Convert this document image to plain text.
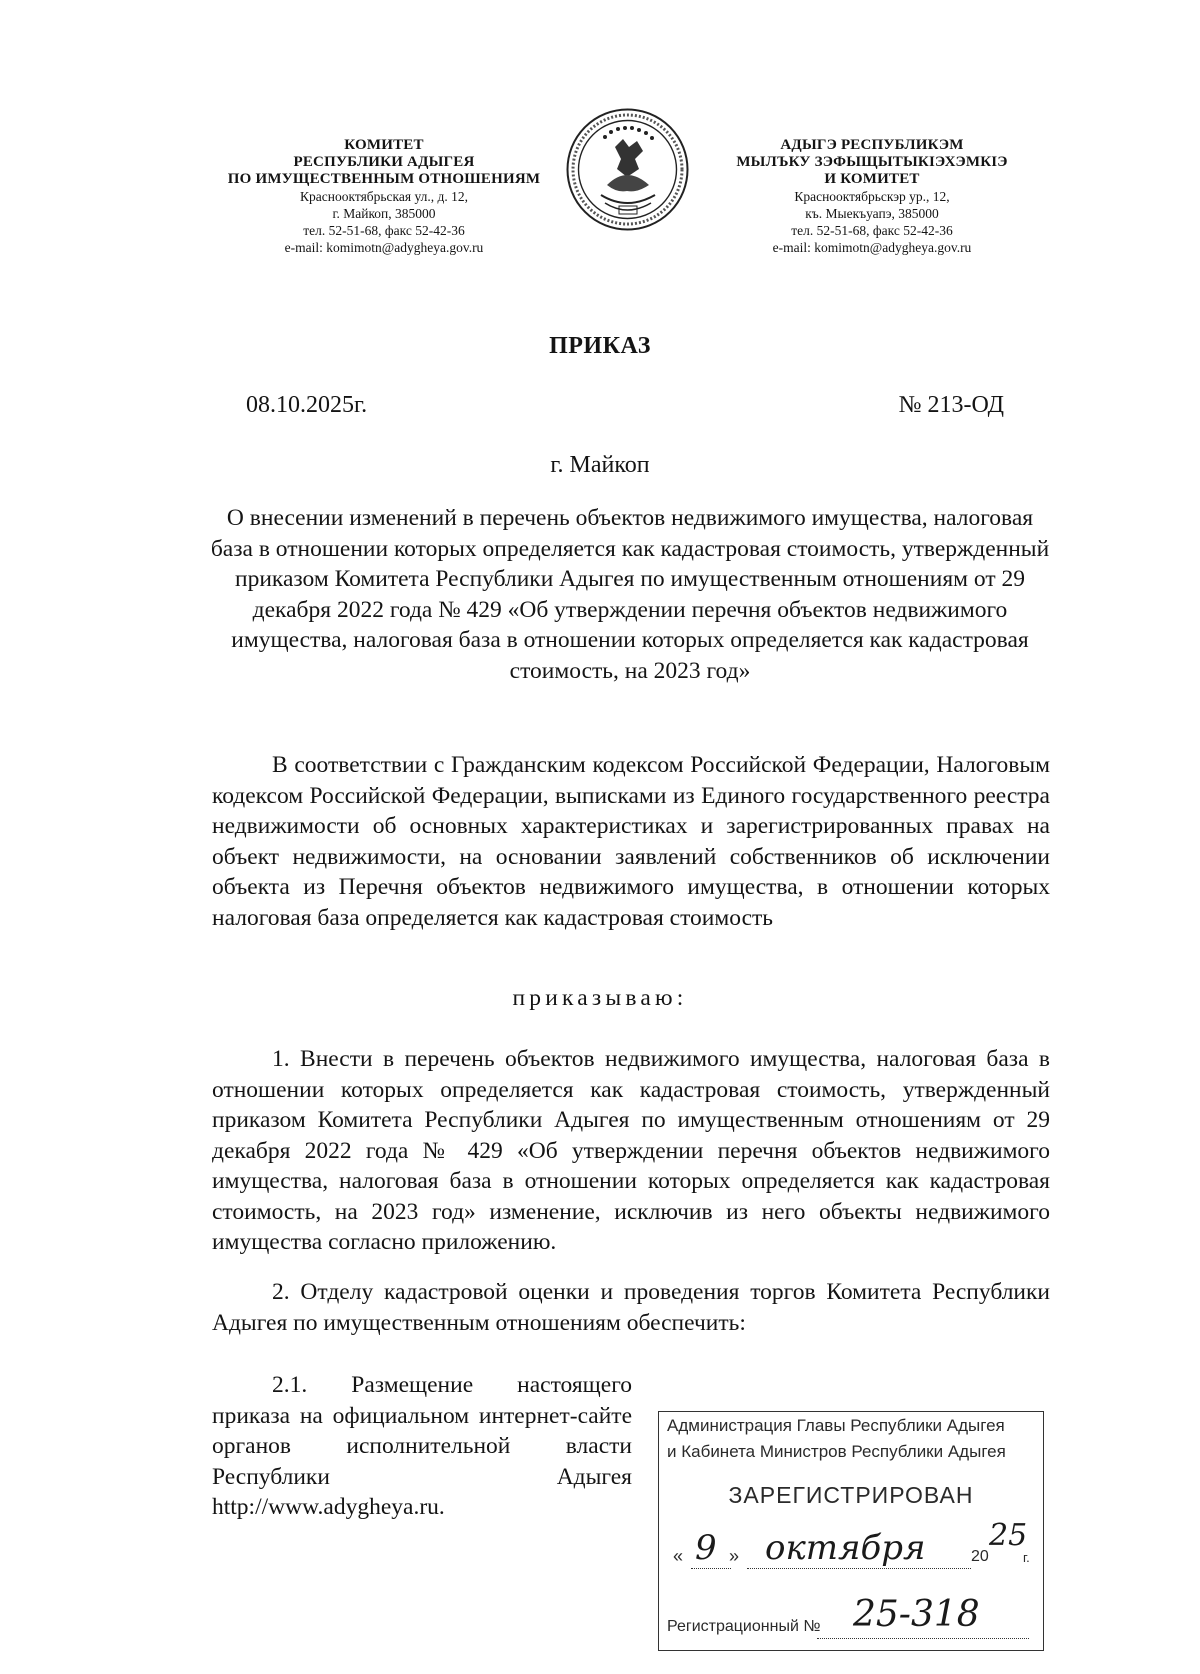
КОМИТЕТ
РЕСПУБЛИКИ АДЫГЕЯ
ПО ИМУЩЕСТВЕННЫМ ОТНОШЕНИЯМ
Краснооктябрьская ул., д. 12,
г. Майкоп, 385000
тел. 52-51-68, факс 52-42-36
e-mail: komimotn@adygheya.gov.ru
АДЫГЭ РЕСПУБЛИКЭМ
МЫЛЪКУ ЗЭФЫЩЫТЫКIЭХЭМКIЭ
И КОМИТЕТ
Краснооктябрьскэр ур., 12,
къ. Мыекъуапэ, 385000
тел. 52-51-68, факс 52-42-36
e-mail: komimotn@adygheya.gov.ru
ПРИКАЗ
08.10.2025г.	№ 213-ОД
г. Майкоп
О внесении изменений в перечень объектов недвижимого имущества, налоговая база в отношении которых определяется как кадастровая стоимость, утвержденный приказом Комитета Республики Адыгея по имущественным отношениям от 29 декабря 2022 года № 429 «Об утверждении перечня объектов недвижимого имущества, налоговая база в отношении которых определяется как кадастровая стоимость, на 2023 год»
В соответствии с Гражданским кодексом Российской Федерации, Налоговым кодексом Российской Федерации, выписками из Единого государственного реестра недвижимости об основных характеристиках и зарегистрированных правах на объект недвижимости, на основании заявлений собственников об исключении объекта из Перечня объектов недвижимого имущества, в отношении которых налоговая база определяется как кадастровая стоимость
приказываю:
1. Внести в перечень объектов недвижимого имущества, налоговая база в отношении которых определяется как кадастровая стоимость, утвержденный приказом Комитета Республики Адыгея по имущественным отношениям от 29 декабря 2022 года № 429 «Об утверждении перечня объектов недвижимого имущества, налоговая база в отношении которых определяется как кадастровая стоимость, на 2023 год» изменение, исключив из него объекты недвижимого имущества согласно приложению.
2. Отделу кадастровой оценки и проведения торгов Комитета Республики Адыгея по имущественным отношениям обеспечить:
2.1. Размещение настоящего приказа на официальном интернет-сайте органов исполнительной власти Республики Адыгея http://www.adygheya.ru.
Администрация Главы Республики Адыгея
и Кабинета Министров Республики Адыгея
ЗАРЕГИСТРИРОВАН
« 9 » октября	20
25
г.
Регистрационный № 25-318
